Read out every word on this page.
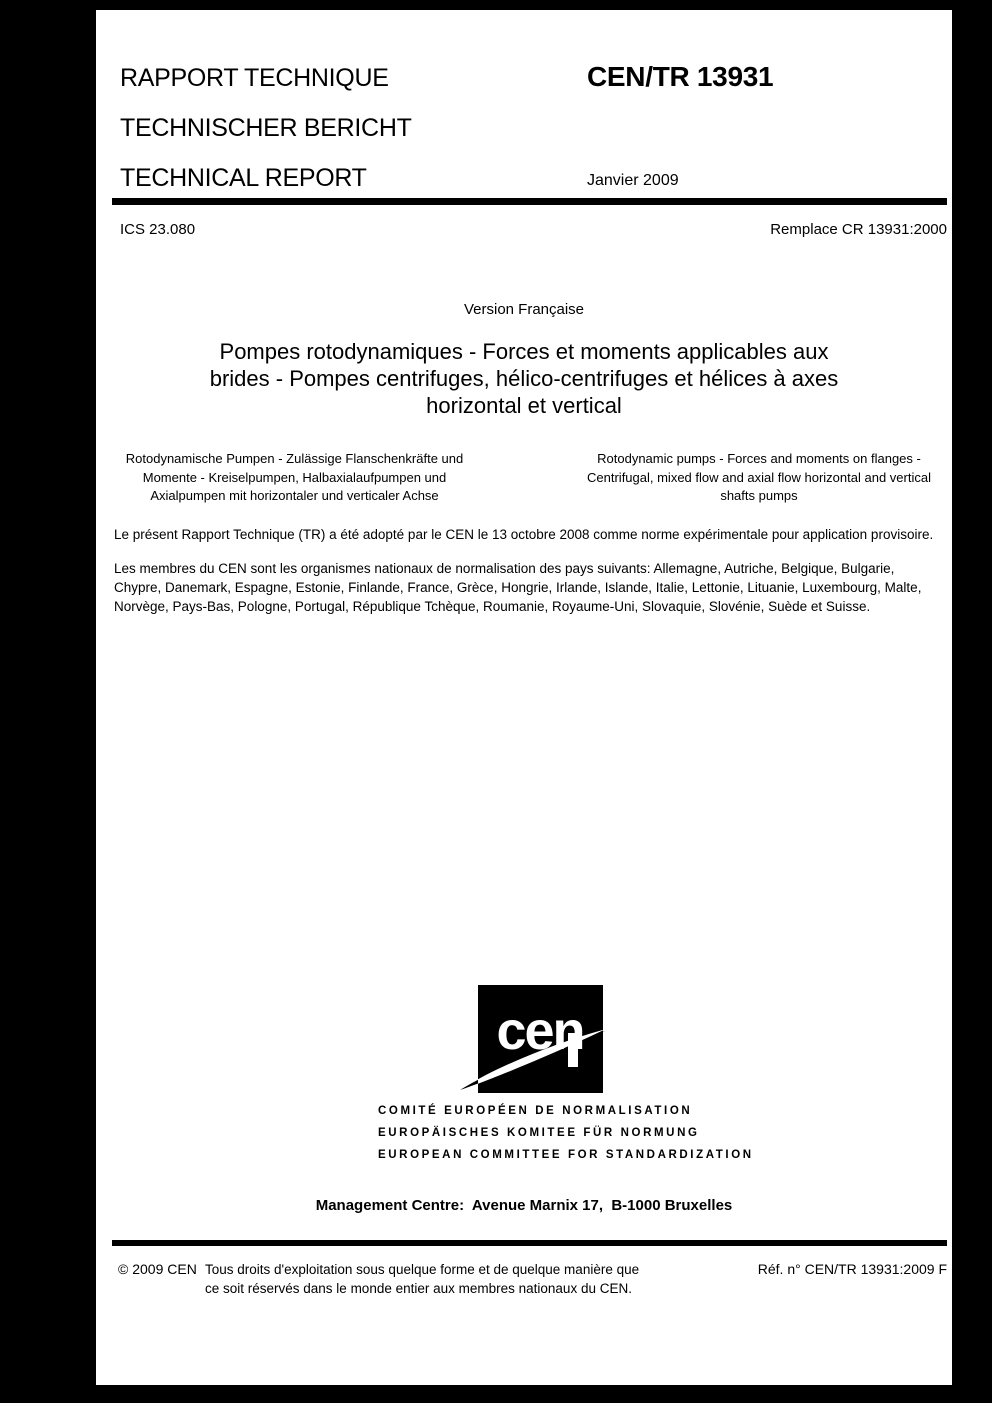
RAPPORT TECHNIQUE
TECHNISCHER BERICHT
TECHNICAL REPORT
CEN/TR 13931
Janvier 2009
ICS 23.080	Remplace CR 13931:2000
Version Française
Pompes rotodynamiques - Forces et moments applicables aux
brides - Pompes centrifuges, hélico-centrifuges et hélices à axes
horizontal et vertical
Rotodynamische Pumpen - Zulässige Flanschenkräfte und
Momente - Kreiselpumpen, Halbaxialaufpumpen und
Axialpumpen mit horizontaler und verticaler Achse
Rotodynamic pumps - Forces and moments on flanges -
Centrifugal, mixed flow and axial flow horizontal and vertical
shafts pumps
Le présent Rapport Technique (TR) a été adopté par le CEN le 13 octobre 2008 comme norme expérimentale pour application provisoire.
Les membres du CEN sont les organismes nationaux de normalisation des pays suivants: Allemagne, Autriche, Belgique, Bulgarie,
Chypre, Danemark, Espagne, Estonie, Finlande, France, Grèce, Hongrie, Irlande, Islande, Italie, Lettonie, Lituanie, Luxembourg, Malte,
Norvège, Pays-Bas, Pologne, Portugal, République Tchèque, Roumanie, Royaume-Uni, Slovaquie, Slovénie, Suède et Suisse.
cen
COMITÉ EUROPÉEN DE NORMALISATION
EUROPÄISCHES KOMITEE FÜR NORMUNG
EUROPEAN COMMITTEE FOR STANDARDIZATION
Management Centre:  Avenue Marnix 17,  B-1000 Bruxelles
© 2009 CEN Tous droits d'exploitation sous quelque forme et de quelque manière que
ce soit réservés dans le monde entier aux membres nationaux du CEN.
Réf. n° CEN/TR 13931:2009 F
